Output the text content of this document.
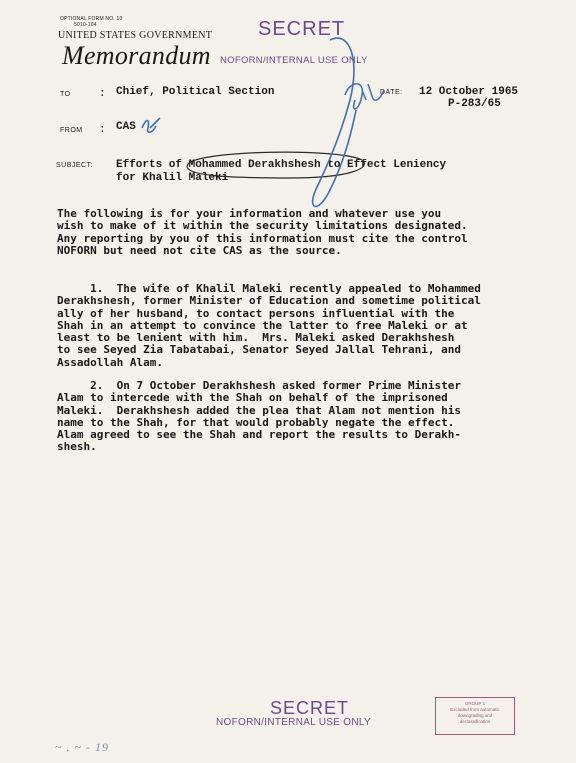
OPTIONAL FORM NO. 10
5010-104
UNITED STATES GOVERNMENT
Memorandum
SECRET
NOFORN/INTERNAL USE ONLY
TO	: Chief, Political Section	DATE: 12 October 1965
P-283/65
FROM : CAS
SUBJECT: Efforts of Mohammed Derakhshesh to Effect Leniency
for Khalil Maleki
The following is for your information and whatever use you
wish to make of it within the security limitations designated.
Any reporting by you of this information must cite the control
NOFORN but need not cite CAS as the source.
1.  The wife of Khalil Maleki recently appealed to Mohammed
Derakhshesh, former Minister of Education and sometime political
ally of her husband, to contact persons influential with the
Shah in an attempt to convince the latter to free Maleki or at
least to be lenient with him.  Mrs. Maleki asked Derakhshesh
to see Seyed Zia Tabatabai, Senator Seyed Jallal Tehrani, and
Assadollah Alam.
2.  On 7 October Derakhshesh asked former Prime Minister
Alam to intercede with the Shah on behalf of the imprisoned
Maleki.  Derakhshesh added the plea that Alam not mention his
name to the Shah, for that would probably negate the effect.
Alam agreed to see the Shah and report the results to Derakh-
shesh.
SECRET
NOFORN/INTERNAL USE ONLY
GROUP 1
Excluded from automatic
downgrading and
declassification
~ . ~ - 19
